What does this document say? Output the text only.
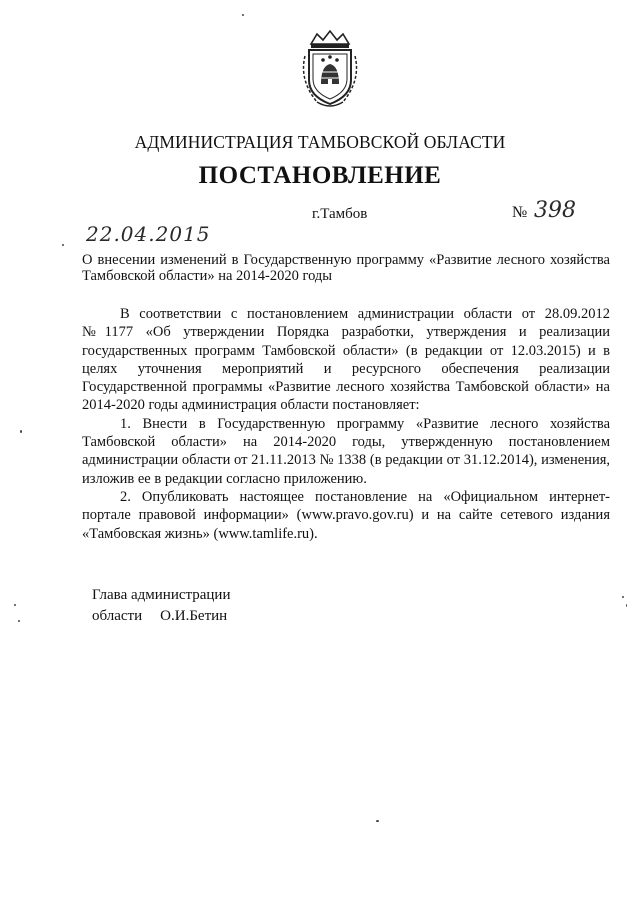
АДМИНИСТРАЦИЯ ТАМБОВСКОЙ ОБЛАСТИ
ПОСТАНОВЛЕНИЕ
г.Тамбов	№ 398
22.04.2015
О внесении изменений в Государственную программу «Развитие лесного хозяйства Тамбовской области» на 2014-2020 годы

В соответствии с постановлением администрации области от 28.09.2012 №1177 «Об утверждении Порядка разработки, утверждения и реализации государственных программ Тамбовской области» (в редакции от 12.03.2015) и в целях уточнения мероприятий и ресурсного обеспечения реализации Государственной программы «Развитие лесного хозяйства Тамбовской области» на 2014-2020 годы администрация области постановляет:

1. Внести в Государственную программу «Развитие лесного хозяйства Тамбовской области» на 2014-2020 годы, утвержденную постановлением администрации области от 21.11.2013 № 1338 (в редакции от 31.12.2014), изменения, изложив ее в редакции согласно приложению.

2. Опубликовать настоящее постановление на «Официальном интернет-портале правовой информации» (www.pravo.gov.ru) и на сайте сетевого издания «Тамбовская жизнь» (www.tamlife.ru).

Глава администрации
области О.И.Бетин
